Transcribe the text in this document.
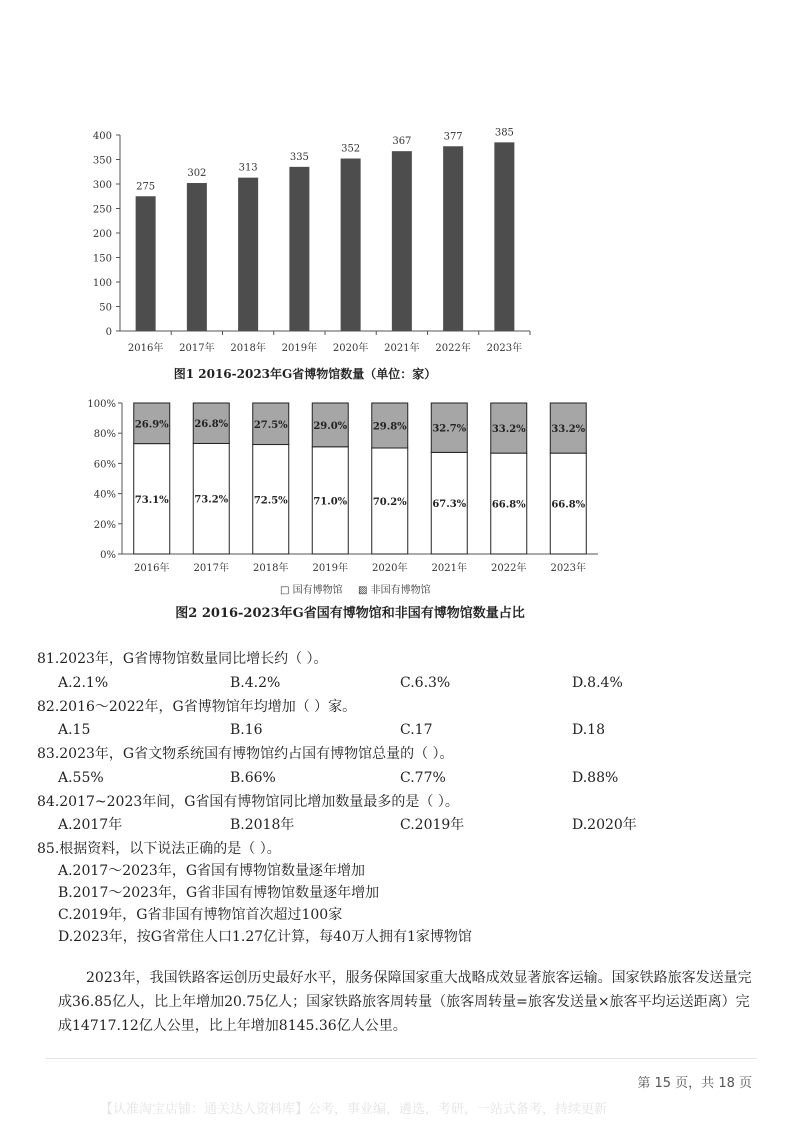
0
50
100
150
200
250
300
350
400
275
2016年
302
2017年
313
2018年
335
2019年
352
2020年
367
2021年
377
2022年
385
2023年
图1 2016-2023年G省博物馆数量（单位：家）
0%
20%
40%
60%
80%
100%
73.1%
26.9%
2016年
73.2%
26.8%
2017年
72.5%
27.5%
2018年
71.0%
29.0%
2019年
70.2%
29.8%
2020年
67.3%
32.7%
2021年
66.8%
33.2%
2022年
66.8%
33.2%
2023年
□ 国有博物馆 ▨ 非国有博物馆
图2 2016-2023年G省国有博物馆和非国有博物馆数量占比
81.2023年，G省博物馆数量同比增长约（ ）。
A.2.1%	B.4.2%	C.6.3%	D.8.4%
82.2016～2022年，G省博物馆年均增加（ ）家。
A.15	B.16	C.17	D.18
83.2023年，G省文物系统国有博物馆约占国有博物馆总量的（ ）。
A.55%	B.66%	C.77%	D.88%
84.2017~2023年间，G省国有博物馆同比增加数量最多的是（ ）。
A.2017年	B.2018年	C.2019年	D.2020年
85.根据资料，以下说法正确的是（ ）。
A.2017～2023年，G省国有博物馆数量逐年增加
B.2017～2023年，G省非国有博物馆数量逐年增加
C.2019年，G省非国有博物馆首次超过100家
D.2023年，按G省常住人口1.27亿计算，每40万人拥有1家博物馆
2023年，我国铁路客运创历史最好水平，服务保障国家重大战略成效显著旅客运输。国家铁路旅客发送量完成36.85亿人，比上年增加20.75亿人；国家铁路旅客周转量（旅客周转量=旅客发送量×旅客平均运送距离）完成14717.12亿人公里，比上年增加8145.36亿人公里。
第 15 页，共 18 页
【认准淘宝店铺：通关达人资料库】公考，事业编，遴选，考研，一站式备考，持续更新
